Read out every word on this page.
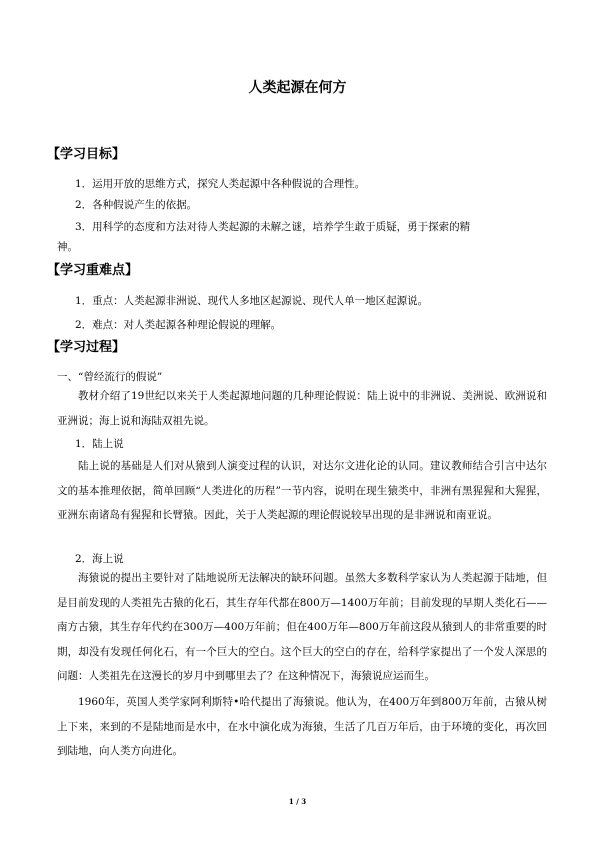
人类起源在何方
【学习目标】
1．运用开放的思维方式，探究人类起源中各种假说的合理性。
2．各种假说产生的依据。
3．用科学的态度和方法对待人类起源的未解之谜，培养学生敢于质疑，勇于探索的精
神。
【学习重难点】
1．重点：人类起源非洲说、现代人多地区起源说、现代人单一地区起源说。
2．难点：对人类起源各种理论假说的理解。
【学习过程】
一、“曾经流行的假说”
教材介绍了19世纪以来关于人类起源地问题的几种理论假说：陆上说中的非洲说、美洲说、欧洲说和亚洲说；海上说和海陆双祖先说。
1．陆上说
陆上说的基础是人们对从猿到人演变过程的认识，对达尔文进化论的认同。建议教师结合引言中达尔文的基本推理依据，简单回顾“人类进化的历程”一节内容，说明在现生猿类中，非洲有黑猩猩和大猩猩，亚洲东南诸岛有猩猩和长臂猿。因此，关于人类起源的理论假说较早出现的是非洲说和南亚说。
2．海上说
海猿说的提出主要针对了陆地说所无法解决的缺环问题。虽然大多数科学家认为人类起源于陆地，但是目前发现的人类祖先古猿的化石，其生存年代都在800万—1400万年前；目前发现的早期人类化石——南方古猿，其生存年代约在300万—400万年前；但在400万年—800万年前这段从猿到人的非常重要的时期，却没有发现任何化石，有一个巨大的空白。这个巨大的空白的存在，给科学家提出了一个发人深思的问题：人类祖先在这漫长的岁月中到哪里去了？在这种情况下，海猿说应运而生。
1960年，英国人类学家阿利斯特•哈代提出了海猿说。他认为，在400万年到800万年前，古猿从树上下来，来到的不是陆地而是水中，在水中演化成为海猿，生活了几百万年后，由于环境的变化，再次回到陆地，向人类方向进化。
1 / 3
